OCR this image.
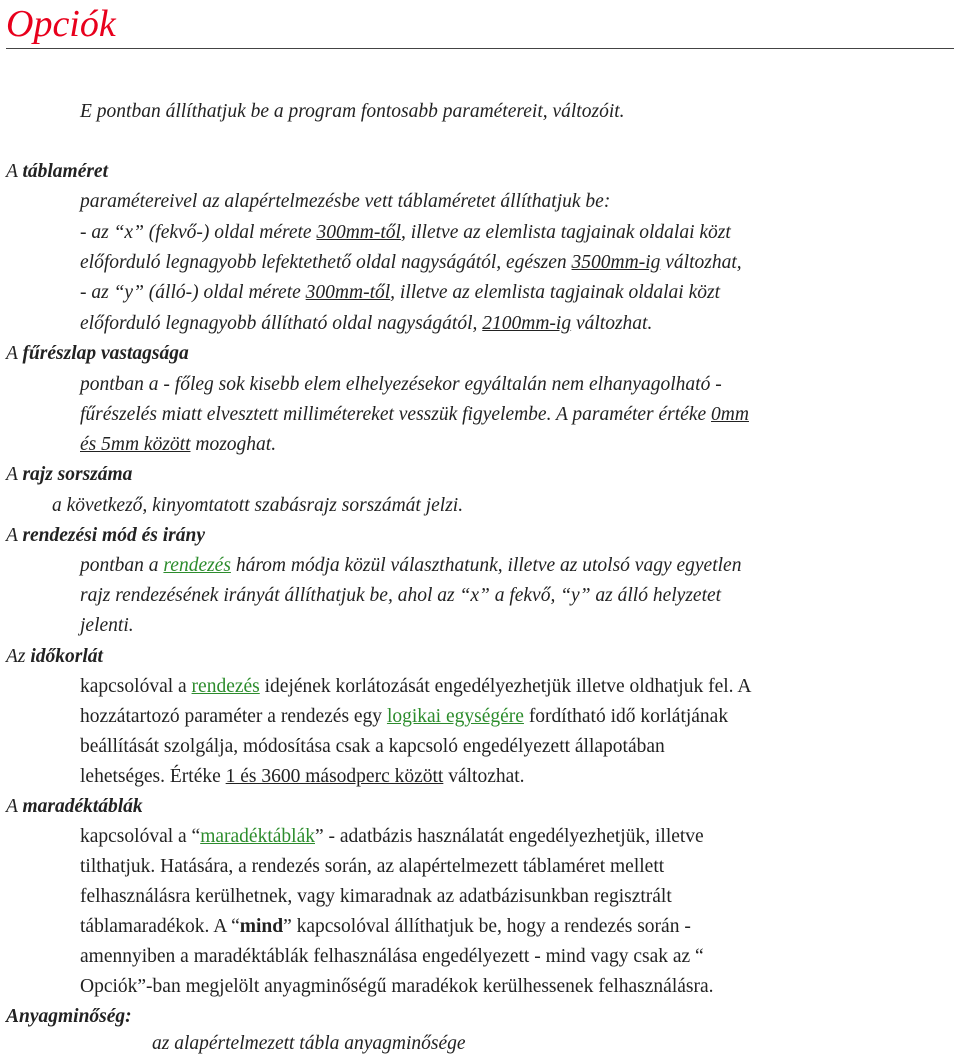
Opciók
E pontban állíthatjuk be a program fontosabb paramétereit, változóit.
A táblaméret
paramétereivel az alapértelmezésbe vett táblaméretet állíthatjuk be:
- az “x” (fekvő-) oldal mérete 300mm-től, illetve az elemlista tagjainak oldalai közt
előforduló legnagyobb lefektethető oldal nagyságától, egészen 3500mm-ig változhat,
- az “y” (álló-) oldal mérete 300mm-től, illetve az elemlista tagjainak oldalai közt
előforduló legnagyobb állítható oldal nagyságától, 2100mm-ig változhat.
A fűrészlap vastagsága
pontban a - főleg sok kisebb elem elhelyezésekor egyáltalán nem elhanyagolható -
fűrészelés miatt elvesztett millimétereket vesszük figyelembe. A paraméter értéke 0mm
és 5mm között mozoghat.
A rajz sorszáma
a következő, kinyomtatott szabásrajz sorszámát jelzi.
A rendezési mód és irány
pontban a rendezés három módja közül választhatunk, illetve az utolsó vagy egyetlen
rajz rendezésének irányát állíthatjuk be, ahol az “x” a fekvő, “y” az álló helyzetet
jelenti.
Az időkorlát
kapcsolóval a rendezés idejének korlátozását engedélyezhetjük illetve oldhatjuk fel. A
hozzátartozó paraméter a rendezés egy logikai egységére fordítható idő korlátjának
beállítását szolgálja, módosítása csak a kapcsoló engedélyezett állapotában
lehetséges. Értéke 1 és 3600 másodperc között változhat.
A maradéktáblák
kapcsolóval a “maradéktáblák” - adatbázis használatát engedélyezhetjük, illetve
tilthatjuk. Hatására, a rendezés során, az alapértelmezett táblaméret mellett
felhasználásra kerülhetnek, vagy kimaradnak az adatbázisunkban regisztrált
táblamaradékok. A “mind” kapcsolóval állíthatjuk be, hogy a rendezés során -
amennyiben a maradéktáblák felhasználása engedélyezett - mind vagy csak az “
Opciók”-ban megjelölt anyagminőségű maradékok kerülhessenek felhasználásra.
Anyagminőség:
az alapértelmezett tábla anyagminősége
